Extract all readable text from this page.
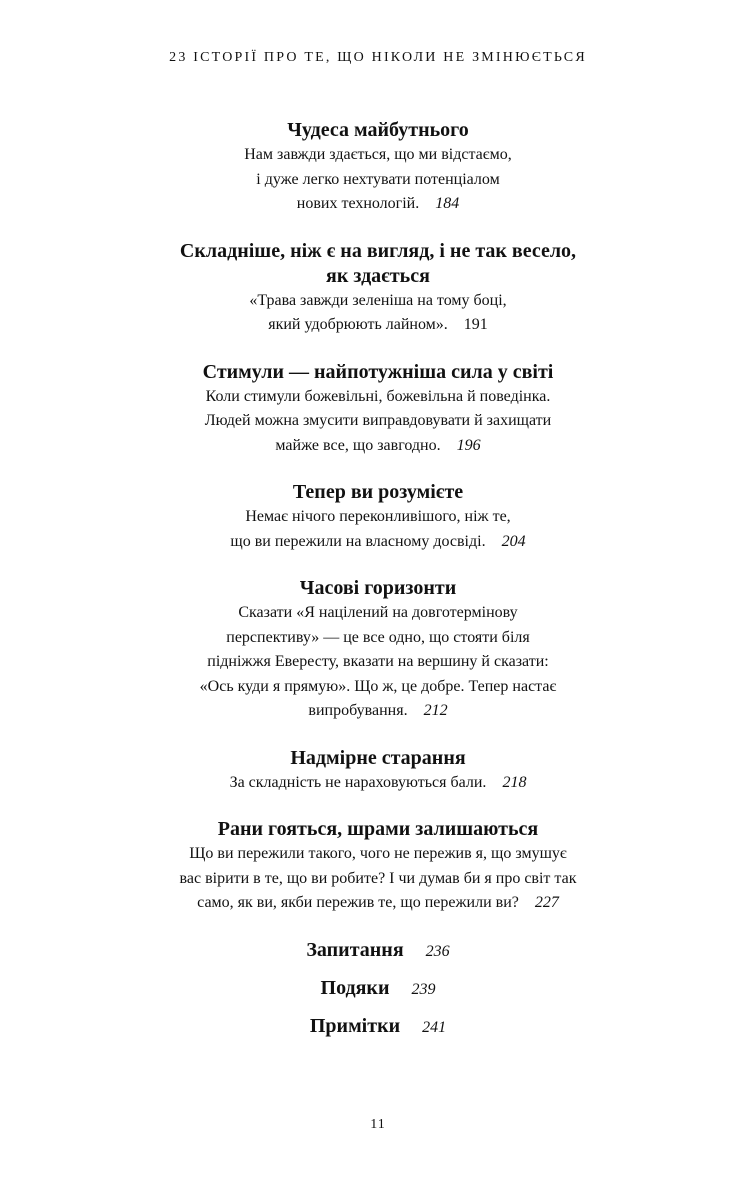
23 ІСТОРІЇ ПРО ТЕ, ЩО НІКОЛИ НЕ ЗМІНЮЄТЬСЯ

Чудеса майбутнього

Нам завжди здається, що ми відстаємо,
і дуже легко нехтувати потенціалом
нових технологій. 184

Складніше, ніж є на вигляд, і не так весело,
як здається

«Трава завжди зеленіша на тому боці,
який удобрюють лайном». 191

Стимули — найпотужніша сила у світі

Коли стимули божевільні, божевільна й поведінка.
Людей можна змусити виправдовувати й захищати
майже все, що завгодно. 196

Тепер ви розумієте

Немає нічого переконливішого, ніж те,
що ви пережили на власному досвіді. 204

Часові горизонти

Сказати «Я націлений на довготермінову
перспективу» — це все одно, що стояти біля
підніжжя Евересту, вказати на вершину й сказати:
«Ось куди я прямую». Що ж, це добре. Тепер настає
випробування. 212

Надмірне старання

За складність не нараховуються бали. 218

Рани гояться, шрами залишаються

Що ви пережили такого, чого не пережив я, що змушує
вас вірити в те, що ви робите? І чи думав би я про світ так
само, як ви, якби пережив те, що пережили ви? 227

Запитання 236

Подяки 239

Примітки 241

11
